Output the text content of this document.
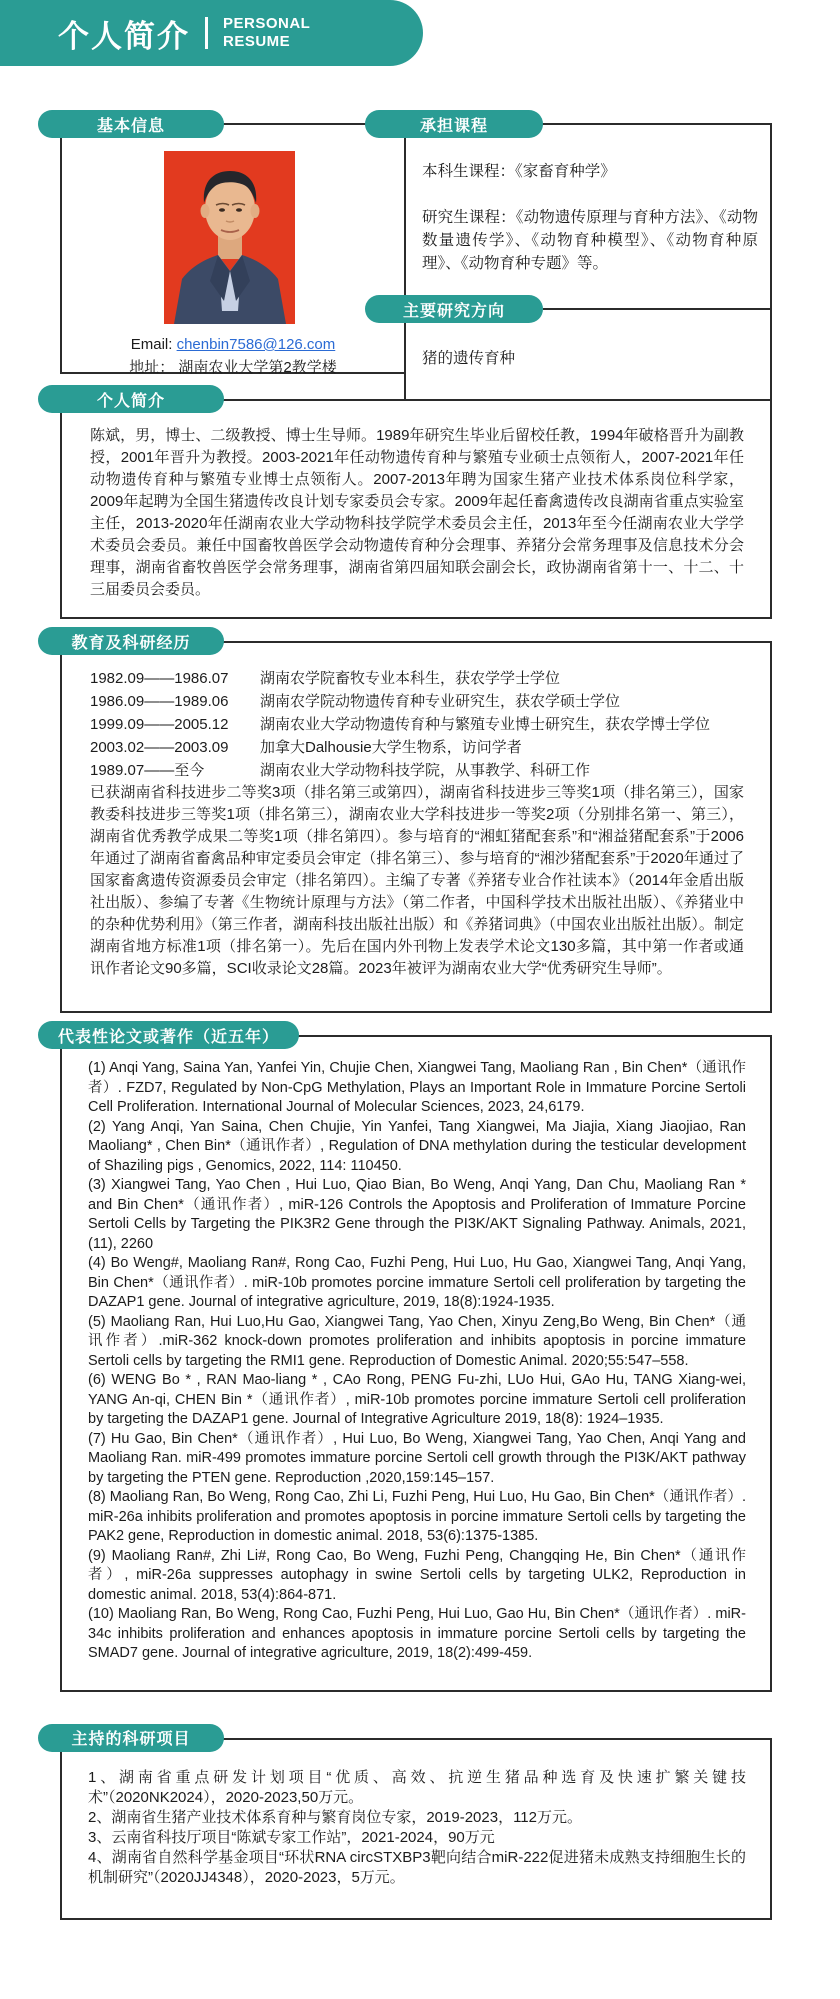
个人简介 PERSONAL
RESUME
基本信息	承担课程
Email: chenbin7586@126.com
地址： 湖南农业大学第2教学楼
本科生课程：《家畜育种学》
研究生课程：《动物遗传原理与育种方法》、《动物数量遗传学》、《动物育种模型》、《动物育种原理》、《动物育种专题》等。
主要研究方向
猪的遗传育种
个人简介

陈斌，男，博士、二级教授、博士生导师。1989年研究生毕业后留校任教，1994年破格晋升为副教授，2001年晋升为教授。2003-2021年任动物遗传育种与繁殖专业硕士点领衔人，2007-2021年任动物遗传育种与繁殖专业博士点领衔人。2007-2013年聘为国家生猪产业技术体系岗位科学家，2009年起聘为全国生猪遗传改良计划专家委员会专家。2009年起任畜禽遗传改良湖南省重点实验室主任，2013-2020年任湖南农业大学动物科技学院学术委员会主任，2013年至今任湖南农业大学学术委员会委员。兼任中国畜牧兽医学会动物遗传育种分会理事、养猪分会常务理事及信息技术分会理事，湖南省畜牧兽医学会常务理事，湖南省第四届知联会副会长，政协湖南省第十一、十二、十三届委员会委员。

教育及科研经历
1982.09——1986.07	湖南农学院畜牧专业本科生，获农学学士学位
1986.09——1989.06	湖南农学院动物遗传育种专业研究生，获农学硕士学位
1999.09——2005.12	湖南农业大学动物遗传育种与繁殖专业博士研究生，获农学博士学位
2003.02——2003.09	加拿大Dalhousie大学生物系，访问学者
1989.07——至今	湖南农业大学动物科技学院，从事教学、科研工作

已获湖南省科技进步二等奖3项（排名第三或第四），湖南省科技进步三等奖1项（排名第三），国家教委科技进步三等奖1项（排名第三），湖南农业大学科技进步一等奖2项（分别排名第一、第三），湖南省优秀教学成果二等奖1项（排名第四）。参与培育的“湘虹猪配套系”和“湘益猪配套系”于2006年通过了湖南省畜禽品种审定委员会审定（排名第三）、参与培育的“湘沙猪配套系”于2020年通过了国家畜禽遗传资源委员会审定（排名第四）。主编了专著《养猪专业合作社读本》（2014年金盾出版社出版）、参编了专著《生物统计原理与方法》（第二作者，中国科学技术出版社出版）、《养猪业中的杂种优势利用》（第三作者，湖南科技出版社出版）和《养猪词典》（中国农业出版社出版）。制定湖南省地方标准1项（排名第一）。先后在国内外刊物上发表学术论文130多篇，其中第一作者或通讯作者论文90多篇，SCI收录论文28篇。2023年被评为湖南农业大学“优秀研究生导师”。

代表性论文或著作（近五年）

(1) Anqi Yang, Saina Yan, Yanfei Yin, Chujie Chen, Xiangwei Tang, Maoliang Ran , Bin Chen*（通讯作者）. FZD7, Regulated by Non-CpG Methylation, Plays an Important Role in Immature Porcine Sertoli Cell Proliferation. International Journal of Molecular Sciences, 2023, 24,6179.

(2) Yang Anqi, Yan Saina, Chen Chujie, Yin Yanfei, Tang Xiangwei, Ma Jiajia, Xiang Jiaojiao, Ran Maoliang* , Chen Bin*（通讯作者）, Regulation of DNA methylation during the testicular development of Shaziling pigs , Genomics, 2022, 114: 110450.

(3) Xiangwei Tang, Yao Chen , Hui Luo, Qiao Bian, Bo Weng, Anqi Yang, Dan Chu, Maoliang Ran * and Bin Chen*（通讯作者）, miR-126 Controls the Apoptosis and Proliferation of Immature Porcine Sertoli Cells by Targeting the PIK3R2 Gene through the PI3K/AKT Signaling Pathway. Animals, 2021, (11), 2260

(4) Bo Weng#, Maoliang Ran#, Rong Cao, Fuzhi Peng, Hui Luo, Hu Gao, Xiangwei Tang, Anqi Yang, Bin Chen*（通讯作者）. miR-10b promotes porcine immature Sertoli cell proliferation by targeting the DAZAP1 gene. Journal of integrative agriculture, 2019, 18(8):1924-1935.

(5) Maoliang Ran, Hui Luo,Hu Gao, Xiangwei Tang, Yao Chen, Xinyu Zeng,Bo Weng, Bin Chen*（通讯作者）.miR-362 knock-down promotes proliferation and inhibits apoptosis in porcine immature Sertoli cells by targeting the RMI1 gene. Reproduction of Domestic Animal. 2020;55:547–558.

(6) WENG Bo * , RAN Mao-liang * , CAo Rong, PENG Fu-zhi, LUo Hui, GAo Hu, TANG Xiang-wei, YANG An-qi, CHEN Bin *（通讯作者）, miR-10b promotes porcine immature Sertoli cell proliferation by targeting the DAZAP1 gene. Journal of Integrative Agriculture 2019, 18(8): 1924–1935.

(7) Hu Gao, Bin Chen*（通讯作者）, Hui Luo, Bo Weng, Xiangwei Tang, Yao Chen, Anqi Yang and Maoliang Ran. miR-499 promotes immature porcine Sertoli cell growth through the PI3K/AKT pathway by targeting the PTEN gene. Reproduction ,2020,159:145–157.

(8) Maoliang Ran, Bo Weng, Rong Cao, Zhi Li, Fuzhi Peng, Hui Luo, Hu Gao, Bin Chen*（通讯作者）. miR-26a inhibits proliferation and promotes apoptosis in porcine immature Sertoli cells by targeting the PAK2 gene, Reproduction in domestic animal. 2018, 53(6):1375-1385.

(9) Maoliang Ran#, Zhi Li#, Rong Cao, Bo Weng, Fuzhi Peng, Changqing He, Bin Chen*（通讯作者）, miR-26a suppresses autophagy in swine Sertoli cells by targeting ULK2, Reproduction in domestic animal. 2018, 53(4):864-871.

(10) Maoliang Ran, Bo Weng, Rong Cao, Fuzhi Peng, Hui Luo, Gao Hu, Bin Chen*（通讯作者）. miR-34c inhibits proliferation and enhances apoptosis in immature porcine Sertoli cells by targeting the SMAD7 gene. Journal of integrative agriculture, 2019, 18(2):499-459.

主持的科研项目

1、湖南省重点研发计划项目“优质、高效、抗逆生猪品种选育及快速扩繁关键技术”（2020NK2024），2020-2023,50万元。

2、湖南省生猪产业技术体系育种与繁育岗位专家，2019-2023，112万元。

3、云南省科技厅项目“陈斌专家工作站”，2021-2024，90万元

4、湖南省自然科学基金项目“环状RNA circSTXBP3靶向结合miR-222促进猪未成熟支持细胞生长的机制研究”（2020JJ4348），2020-2023，5万元。
